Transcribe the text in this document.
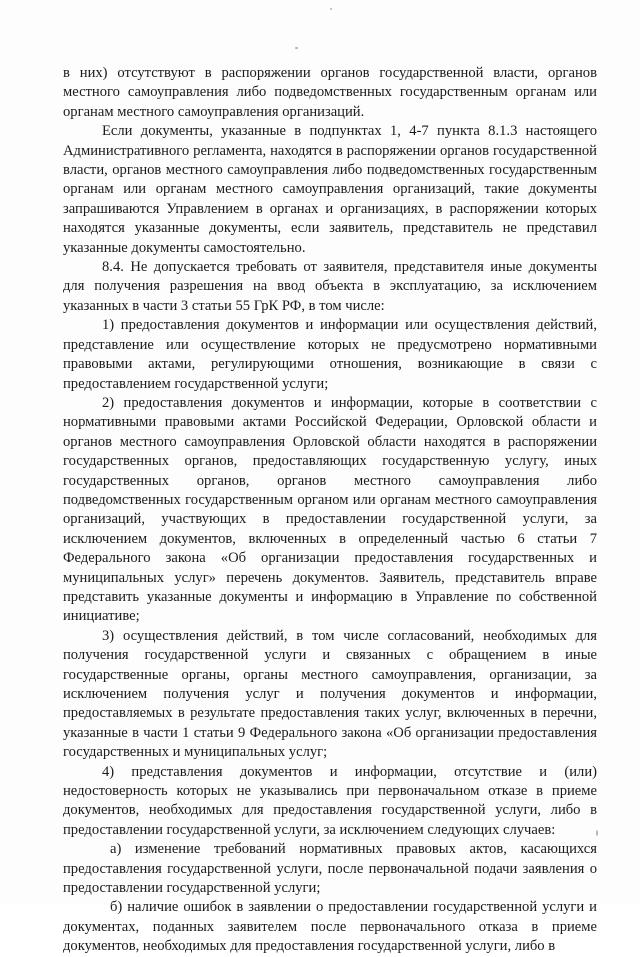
в них) отсутствуют в распоряжении органов государственной власти, органов местного самоуправления либо подведомственных государственным органам или органам местного самоуправления организаций.

Если документы, указанные в подпунктах 1, 4-7 пункта 8.1.3 настоящего Административного регламента, находятся в распоряжении органов государственной власти, органов местного самоуправления либо подведомственных государственным органам или органам местного самоуправления организаций, такие документы запрашиваются Управлением в органах и организациях, в распоряжении которых находятся указанные документы, если заявитель, представитель не представил указанные документы самостоятельно.

8.4. Не допускается требовать от заявителя, представителя иные документы для получения разрешения на ввод объекта в эксплуатацию, за исключением указанных в части 3 статьи 55 ГрК РФ, в том числе:

1) предоставления документов и информации или осуществления действий, представление или осуществление которых не предусмотрено нормативными правовыми актами, регулирующими отношения, возникающие в связи с предоставлением государственной услуги;

2) предоставления документов и информации, которые в соответствии с нормативными правовыми актами Российской Федерации, Орловской области и органов местного самоуправления Орловской области находятся в распоряжении государственных органов, предоставляющих государственную услугу, иных государственных органов, органов местного самоуправления либо подведомственных государственным органом или органам местного самоуправления организаций, участвующих в предоставлении государственной услуги, за исключением документов, включенных в определенный частью 6 статьи 7 Федерального закона «Об организации предоставления государственных и муниципальных услуг» перечень документов. Заявитель, представитель вправе представить указанные документы и информацию в Управление по собственной инициативе;

3) осуществления действий, в том числе согласований, необходимых для получения государственной услуги и связанных с обращением в иные государственные органы, органы местного самоуправления, организации, за исключением получения услуг и получения документов и информации, предоставляемых в результате предоставления таких услуг, включенных в перечни, указанные в части 1 статьи 9 Федерального закона «Об организации предоставления государственных и муниципальных услуг;

4) представления документов и информации, отсутствие и (или) недостоверность которых не указывались при первоначальном отказе в приеме документов, необходимых для предоставления государственной услуги, либо в предоставлении государственной услуги, за исключением следующих случаев:

а) изменение требований нормативных правовых актов, касающихся предоставления государственной услуги, после первоначальной подачи заявления о предоставлении государственной услуги;

б) наличие ошибок в заявлении о предоставлении государственной услуги и документах, поданных заявителем после первоначального отказа в приеме документов, необходимых для предоставления государственной услуги, либо в
